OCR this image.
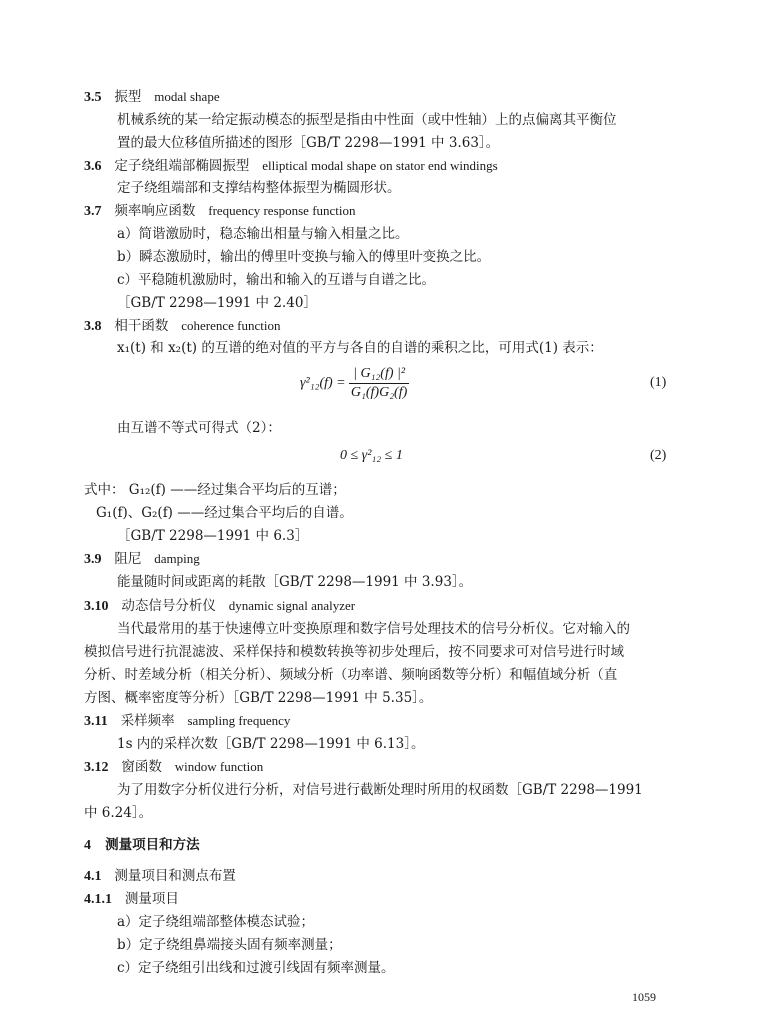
3.5 振型 modal shape
机械系统的某一给定振动模态的振型是指由中性面（或中性轴）上的点偏离其平衡位
置的最大位移值所描述的图形［GB/T 2298—1991 中 3.63］。
3.6 定子绕组端部椭圆振型 elliptical modal shape on stator end windings
定子绕组端部和支撑结构整体振型为椭圆形状。
3.7 频率响应函数 frequency response function
a）简谐激励时，稳态输出相量与输入相量之比。
b）瞬态激励时，输出的傅里叶变换与输入的傅里叶变换之比。
c）平稳随机激励时，输出和输入的互谱与自谱之比。
［GB/T 2298—1991 中 2.40］
3.8 相干函数 coherence function
x₁(t) 和 x₂(t) 的互谱的绝对值的平方与各自的自谱的乘积之比，可用式(1) 表示：
$\gamma^2_{12}(f) = \frac{\text{| G₁₂(f) |²}}{\text{G₁(f)G₂(f)}}$	(1)
由互谱不等式可得式（2）：
0 ≤ γ²₁₂ ≤ 1	(2)
式中： G₁₂(f) ——经过集合平均后的互谱；
G₁(f)、G₂(f) ——经过集合平均后的自谱。
［GB/T 2298—1991 中 6.3］
3.9 阻尼 damping
能量随时间或距离的耗散［GB/T 2298—1991 中 3.93］。
3.10 动态信号分析仪 dynamic signal analyzer
当代最常用的基于快速傅立叶变换原理和数字信号处理技术的信号分析仪。它对输入的
模拟信号进行抗混滤波、采样保持和模数转换等初步处理后，按不同要求可对信号进行时域
分析、时差域分析（相关分析）、频域分析（功率谱、频响函数等分析）和幅值域分析（直
方图、概率密度等分析）［GB/T 2298—1991 中 5.35］。
3.11 采样频率 sampling frequency
1s 内的采样次数［GB/T 2298—1991 中 6.13］。
3.12 窗函数 window function
为了用数字分析仪进行分析，对信号进行截断处理时所用的权函数［GB/T 2298—1991
中 6.24］。
4 测量项目和方法
4.1 测量项目和测点布置
4.1.1 测量项目
a）定子绕组端部整体模态试验；
b）定子绕组鼻端接头固有频率测量；
c）定子绕组引出线和过渡引线固有频率测量。
1059
